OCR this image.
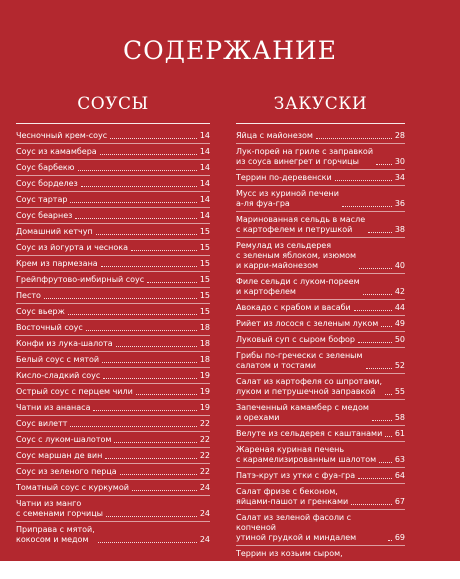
СОДЕРЖАНИЕ
СОУСЫ
Чесночный крем-соус	14
Соус из камамбера	14
Соус барбекю	14
Соус борделез	14
Соус тартар	14
Соус беарнез	14
Домашний кетчуп	15
Соус из йогурта и чеснока	15
Крем из пармезана	15
Грейпфрутово-имбирный соус	15
Песто	15
Соус вьерж	15
Восточный соус	18
Конфи из лука-шалота	18
Белый соус с мятой	18
Кисло-сладкий соус	19
Острый соус с перцем чили	19
Чатни из ананаса	19
Соус вилетт	22
Соус с луком-шалотом	22
Соус маршан де вин	22
Соус из зеленого перца	22
Томатный соус с куркумой	24
Чатни из манго
с семенами горчицы	24
Приправа с мятой,
кокосом и медом	24
ЗАКУСКИ
Яйца с майонезом	28
Лук-порей на гриле с заправкой
из соуса винегрет и горчицы	30
Террин по-деревенски	34
Мусс из куриной печени
а-ля фуа-гра	36
Маринованная сельдь в масле
с картофелем и петрушкой	38
Ремулад из сельдерея
с зеленым яблоком, изюмом
и карри-майонезом	40
Филе сельди с луком-пореем
и картофелем	42
Авокадо с крабом и васаби	44
Рийет из лосося с зеленым луком 49
Луковый суп с сыром бофор	50
Грибы по-гречески с зеленым
салатом и тостами	52
Салат из картофеля со шпротами,
луком и петрушечной заправкой	55
Запеченный камамбер с медом
и орехами	58
Велуте из сельдерея с каштанами 61
Жареная куриная печень
с карамелизированным шалотом 63
Патэ-крут из утки с фуа-гра	64
Салат фризе с беконом,
яйцами-пашот и гренками	67
Салат из зеленой фасоли с копченой
утиной грудкой и миндалем	69
Террин из козьим сыром, кедровыми
орешками и базиликом	70
